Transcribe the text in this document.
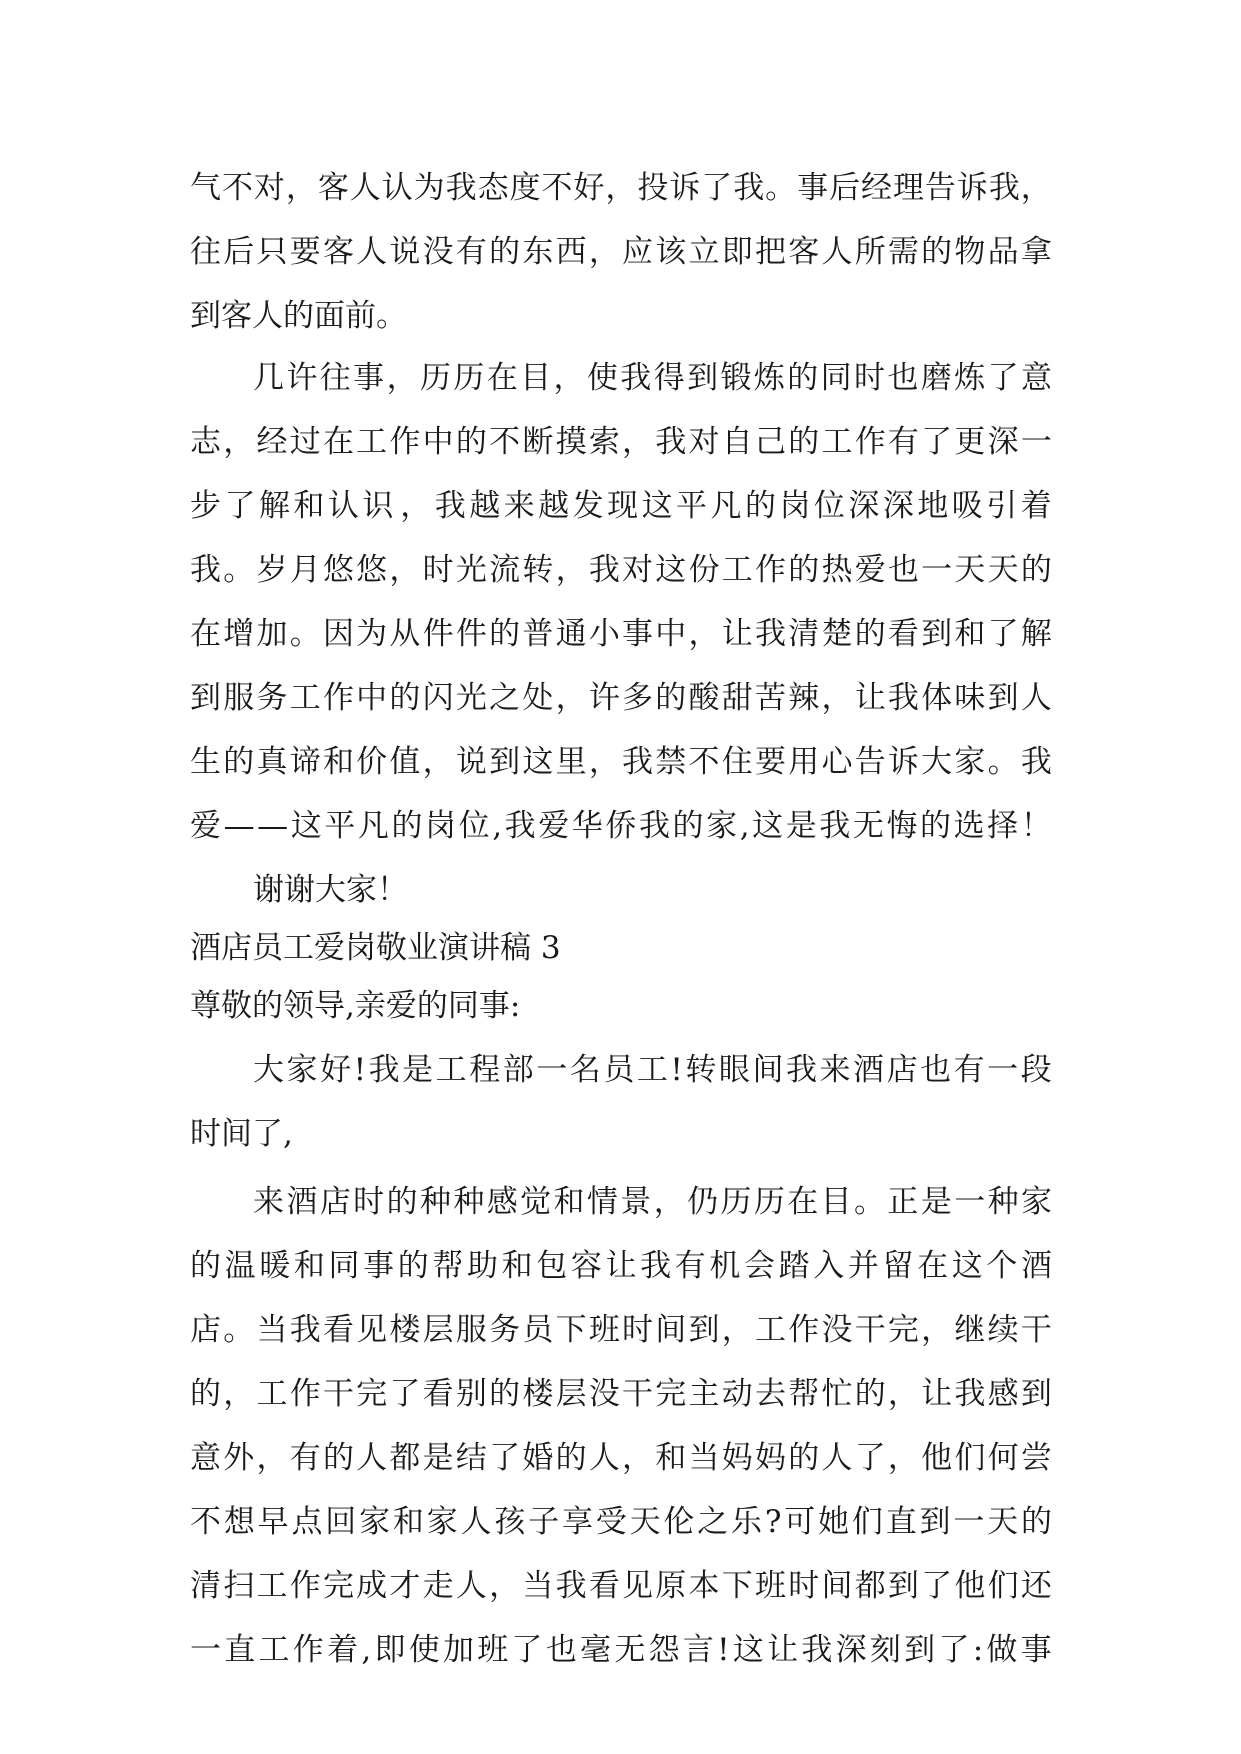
气 不 对 ， 客 人 认 为 我 态 度 不 好 ， 投 诉 了 我 。 事 后 经 理 告 诉 我 ，
往 后 只 要 客 人 说 没 有 的 东 西 ， 应 该 立 即 把 客 人 所 需 的 物 品 拿
到客人的面前。
几 许 往 事 ， 历 历 在 目 ， 使 我 得 到 锻 炼 的 同 时 也 磨 炼 了 意
志 ， 经 过 在 工 作 中 的 不 断 摸 索 ， 我 对 自 己 的 工 作 有 了 更 深 一
步 了 解 和 认 识 ， 我 越 来 越 发 现 这 平 凡 的 岗 位 深 深 地 吸 引 着
我 。 岁 月 悠 悠 ， 时 光 流 转 ， 我 对 这 份 工 作 的 热 爱 也 一 天 天 的
在 增 加 。 因 为 从 件 件 的 普 通 小 事 中 ， 让 我 清 楚 的 看 到 和 了 解
到 服 务 工 作 中 的 闪 光 之 处 ， 许 多 的 酸 甜 苦 辣 ， 让 我 体 味 到 人
生 的 真 谛 和 价 值 ， 说 到 这 里 ， 我 禁 不 住 要 用 心 告 诉 大 家 。 我
爱 — — 这 平 凡 的 岗 位 , 我 爱 华 侨 我 的 家 , 这 是 我 无 悔 的 选 择 ！
谢谢大家！
酒店员工爱岗敬业演讲稿 3
尊敬的领导,亲爱的同事:
大 家 好 ! 我 是 工 程 部 一 名 员 工 ! 转 眼 间 我 来 酒 店 也 有 一 段
时间了,
来 酒 店 时 的 种 种 感 觉 和 情 景 ， 仍 历 历 在 目 。 正 是 一 种 家
的 温 暖 和 同 事 的 帮 助 和 包 容 让 我 有 机 会 踏 入 并 留 在 这 个 酒
店 。 当 我 看 见 楼 层 服 务 员 下 班 时 间 到 ， 工 作 没 干 完 ， 继 续 干
的 ， 工 作 干 完 了 看 别 的 楼 层 没 干 完 主 动 去 帮 忙 的 ， 让 我 感 到
意 外 ， 有 的 人 都 是 结 了 婚 的 人 ， 和 当 妈 妈 的 人 了 ， 他 们 何 尝
不 想 早 点 回 家 和 家 人 孩 子 享 受 天 伦 之 乐 ? 可 她 们 直 到 一 天 的
清 扫 工 作 完 成 才 走 人 ， 当 我 看 见 原 本 下 班 时 间 都 到 了 他 们 还
一 直 工 作 着 , 即 使 加 班 了 也 毫 无 怨 言 ! 这 让 我 深 刻 到 了 : 做 事
